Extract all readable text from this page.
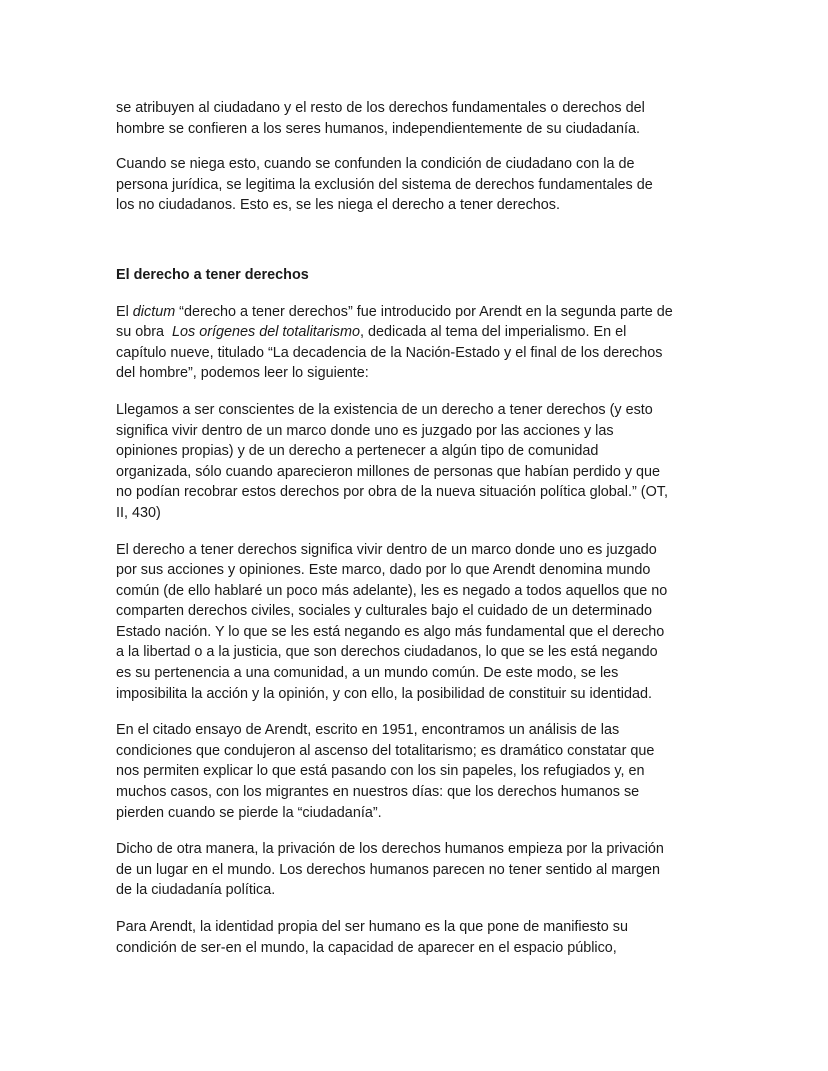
se atribuyen al ciudadano y el resto de los derechos fundamentales o derechos del
hombre se confieren a los seres humanos, independientemente de su ciudadanía.
Cuando se niega esto, cuando se confunden la condición de ciudadano con la de
persona jurídica, se legitima la exclusión del sistema de derechos fundamentales de
los no ciudadanos. Esto es, se les niega el derecho a tener derechos.
El derecho a tener derechos
El dictum “derecho a tener derechos” fue introducido por Arendt en la segunda parte de
su obra  Los orígenes del totalitarismo, dedicada al tema del imperialismo. En el
capítulo nueve, titulado “La decadencia de la Nación-Estado y el final de los derechos
del hombre”, podemos leer lo siguiente:
Llegamos a ser conscientes de la existencia de un derecho a tener derechos (y esto
significa vivir dentro de un marco donde uno es juzgado por las acciones y las
opiniones propias) y de un derecho a pertenecer a algún tipo de comunidad
organizada, sólo cuando aparecieron millones de personas que habían perdido y que
no podían recobrar estos derechos por obra de la nueva situación política global.” (OT,
II, 430)
El derecho a tener derechos significa vivir dentro de un marco donde uno es juzgado
por sus acciones y opiniones. Este marco, dado por lo que Arendt denomina mundo
común (de ello hablaré un poco más adelante), les es negado a todos aquellos que no
comparten derechos civiles, sociales y culturales bajo el cuidado de un determinado
Estado nación. Y lo que se les está negando es algo más fundamental que el derecho
a la libertad o a la justicia, que son derechos ciudadanos, lo que se les está negando
es su pertenencia a una comunidad, a un mundo común. De este modo, se les
imposibilita la acción y la opinión, y con ello, la posibilidad de constituir su identidad.
En el citado ensayo de Arendt, escrito en 1951, encontramos un análisis de las
condiciones que condujeron al ascenso del totalitarismo; es dramático constatar que
nos permiten explicar lo que está pasando con los sin papeles, los refugiados y, en
muchos casos, con los migrantes en nuestros días: que los derechos humanos se
pierden cuando se pierde la “ciudadanía”.
Dicho de otra manera, la privación de los derechos humanos empieza por la privación
de un lugar en el mundo. Los derechos humanos parecen no tener sentido al margen
de la ciudadanía política.
Para Arendt, la identidad propia del ser humano es la que pone de manifiesto su
condición de ser-en el mundo, la capacidad de aparecer en el espacio público,
